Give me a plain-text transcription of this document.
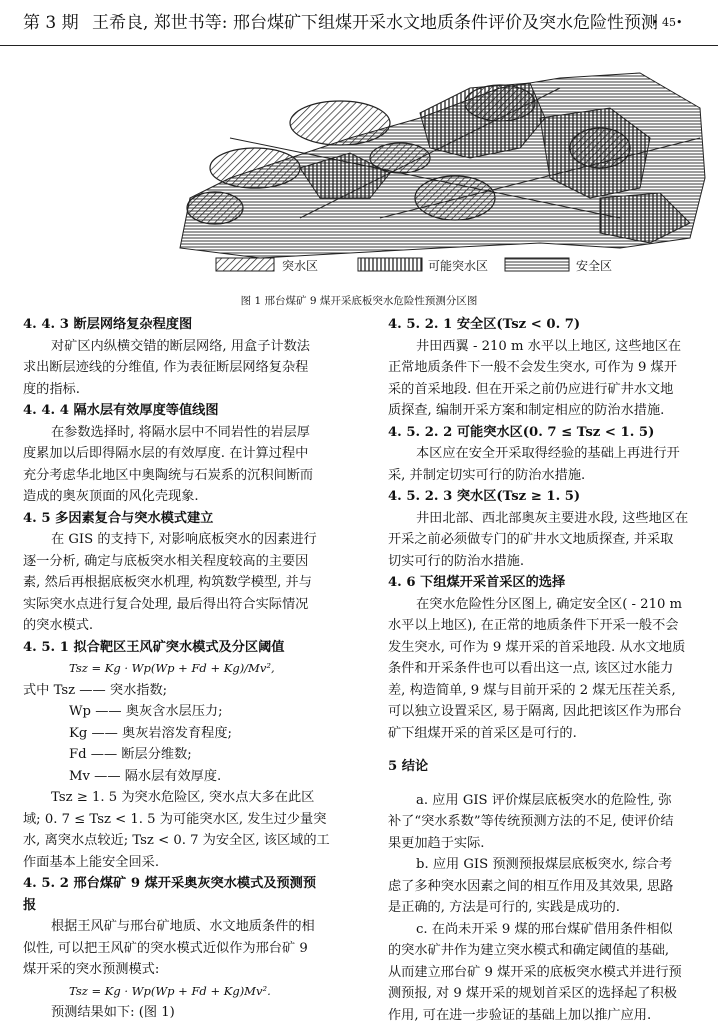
第 3 期 王希良, 郑世书等: 邢台煤矿下组煤开采水文地质条件评价及突水危险性预测
• 45•
突水区	可能突水区	安全区
图 1 邢台煤矿 9 煤开采底板突水危险性预测分区图

4. 4. 3 断层网络复杂程度图

对矿区内纵横交错的断层网络, 用盒子计数法

求出断层迹线的分维值, 作为表征断层网络复杂程

度的指标.

4. 4. 4 隔水层有效厚度等值线图

在参数选择时, 将隔水层中不同岩性的岩层厚

度累加以后即得隔水层的有效厚度. 在计算过程中

充分考虑华北地区中奥陶统与石炭系的沉积间断而

造成的奥灰顶面的风化壳现象.

4. 5 多因素复合与突水模式建立

在 GIS 的支持下, 对影响底板突水的因素进行

逐一分析, 确定与底板突水相关程度较高的主要因

素, 然后再根据底板突水机理, 构筑数学模型, 并与

实际突水点进行复合处理, 最后得出符合实际情况

的突水模式.

4. 5. 1 拟合靶区王风矿突水模式及分区阈值

Tsz = Kg · Wp(Wp + Fd + Kg)/Mv²,

式中 Tsz —— 突水指数;

Wp —— 奥灰含水层压力;

Kg —— 奥灰岩溶发育程度;

Fd —— 断层分维数;

Mv —— 隔水层有效厚度.

Tsz ≥ 1. 5 为突水危险区, 突水点大多在此区

域; 0. 7 ≤ Tsz < 1. 5 为可能突水区, 发生过少量突

水, 离突水点较近; Tsz < 0. 7 为安全区, 该区域的工

作面基本上能安全回采.

4. 5. 2 邢台煤矿 9 煤开采奥灰突水模式及预测预

报

根据王风矿与邢台矿地质、水文地质条件的相

似性, 可以把王风矿的突水模式近似作为邢台矿 9

煤开采的突水预测模式:

Tsz = Kg · Wp(Wp + Fd + Kg)Mv².

预测结果如下: (图 1)

4. 5. 2. 1 安全区(Tsz < 0. 7)

井田西翼 - 210 m 水平以上地区, 这些地区在

正常地质条件下一般不会发生突水, 可作为 9 煤开

采的首采地段. 但在开采之前仍应进行矿井水文地

质探查, 编制开采方案和制定相应的防治水措施.

4. 5. 2. 2 可能突水区(0. 7 ≤ Tsz < 1. 5)

本区应在安全开采取得经验的基础上再进行开

采, 并制定切实可行的防治水措施.

4. 5. 2. 3 突水区(Tsz ≥ 1. 5)

井田北部、西北部奥灰主要进水段, 这些地区在

开采之前必须做专门的矿井水文地质探查, 并采取

切实可行的防治水措施.

4. 6 下组煤开采首采区的选择

在突水危险性分区图上, 确定安全区( - 210 m

水平以上地区), 在正常的地质条件下开采一般不会

发生突水, 可作为 9 煤开采的首采地段. 从水文地质

条件和开采条件也可以看出这一点, 该区过水能力

差, 构造简单, 9 煤与目前开采的 2 煤无压茬关系,

可以独立设置采区, 易于隔离, 因此把该区作为邢台

矿下组煤开采的首采区是可行的.

5 结论

a. 应用 GIS 评价煤层底板突水的危险性, 弥

补了“突水系数”等传统预测方法的不足, 使评价结

果更加趋于实际.

b. 应用 GIS 预测预报煤层底板突水, 综合考

虑了多种突水因素之间的相互作用及其效果, 思路

是正确的, 方法是可行的, 实践是成功的.

c. 在尚未开采 9 煤的邢台煤矿借用条件相似

的突水矿井作为建立突水模式和确定阈值的基础,

从而建立邢台矿 9 煤开采的底板突水模式并进行预

测预报, 对 9 煤开采的规划首采区的选择起了积极

作用, 可在进一步验证的基础上加以推广应用.
